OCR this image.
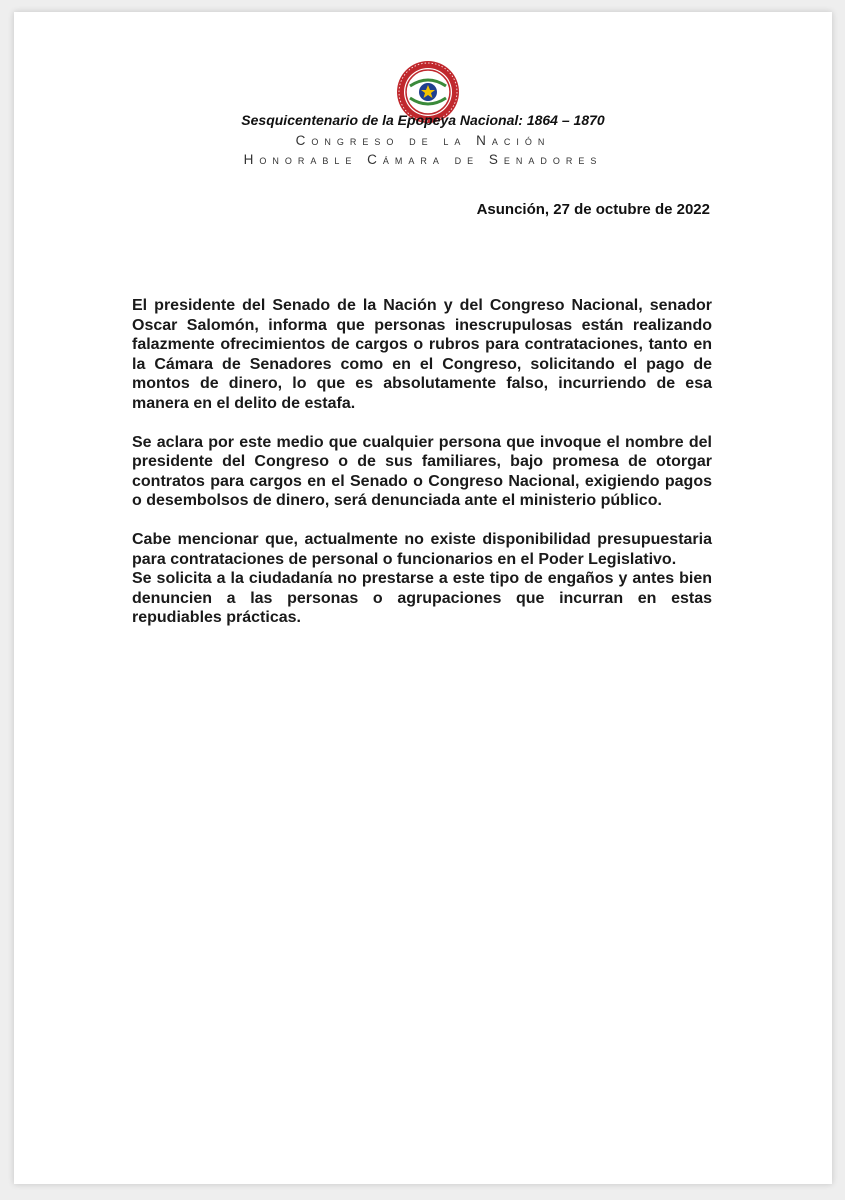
Sesquicentenario de la Epopeya Nacional: 1864 – 1870
Congreso de la Nación
Honorable Cámara de Senadores
Asunción, 27 de octubre de 2022

El presidente del Senado de la Nación y del Congreso Nacional, senador Oscar Salomón, informa que personas inescrupulosas están realizando falazmente ofrecimientos de cargos o rubros para contrataciones, tanto en la Cámara de Senadores como en el Congreso, solicitando el pago de montos de dinero, lo que es absolutamente falso, incurriendo de esa manera en el delito de estafa.

Se aclara por este medio que cualquier persona que invoque el nombre del presidente del Congreso o de sus familiares, bajo promesa de otorgar contratos para cargos en el Senado o Congreso Nacional, exigiendo pagos o desembolsos de dinero, será denunciada ante el ministerio público.

Cabe mencionar que, actualmente no existe disponibilidad presupuestaria para contrataciones de personal o funcionarios en el Poder Legislativo.

Se solicita a la ciudadanía no prestarse a este tipo de engaños y antes bien denuncien a las personas o agrupaciones que incurran en estas repudiables prácticas.
